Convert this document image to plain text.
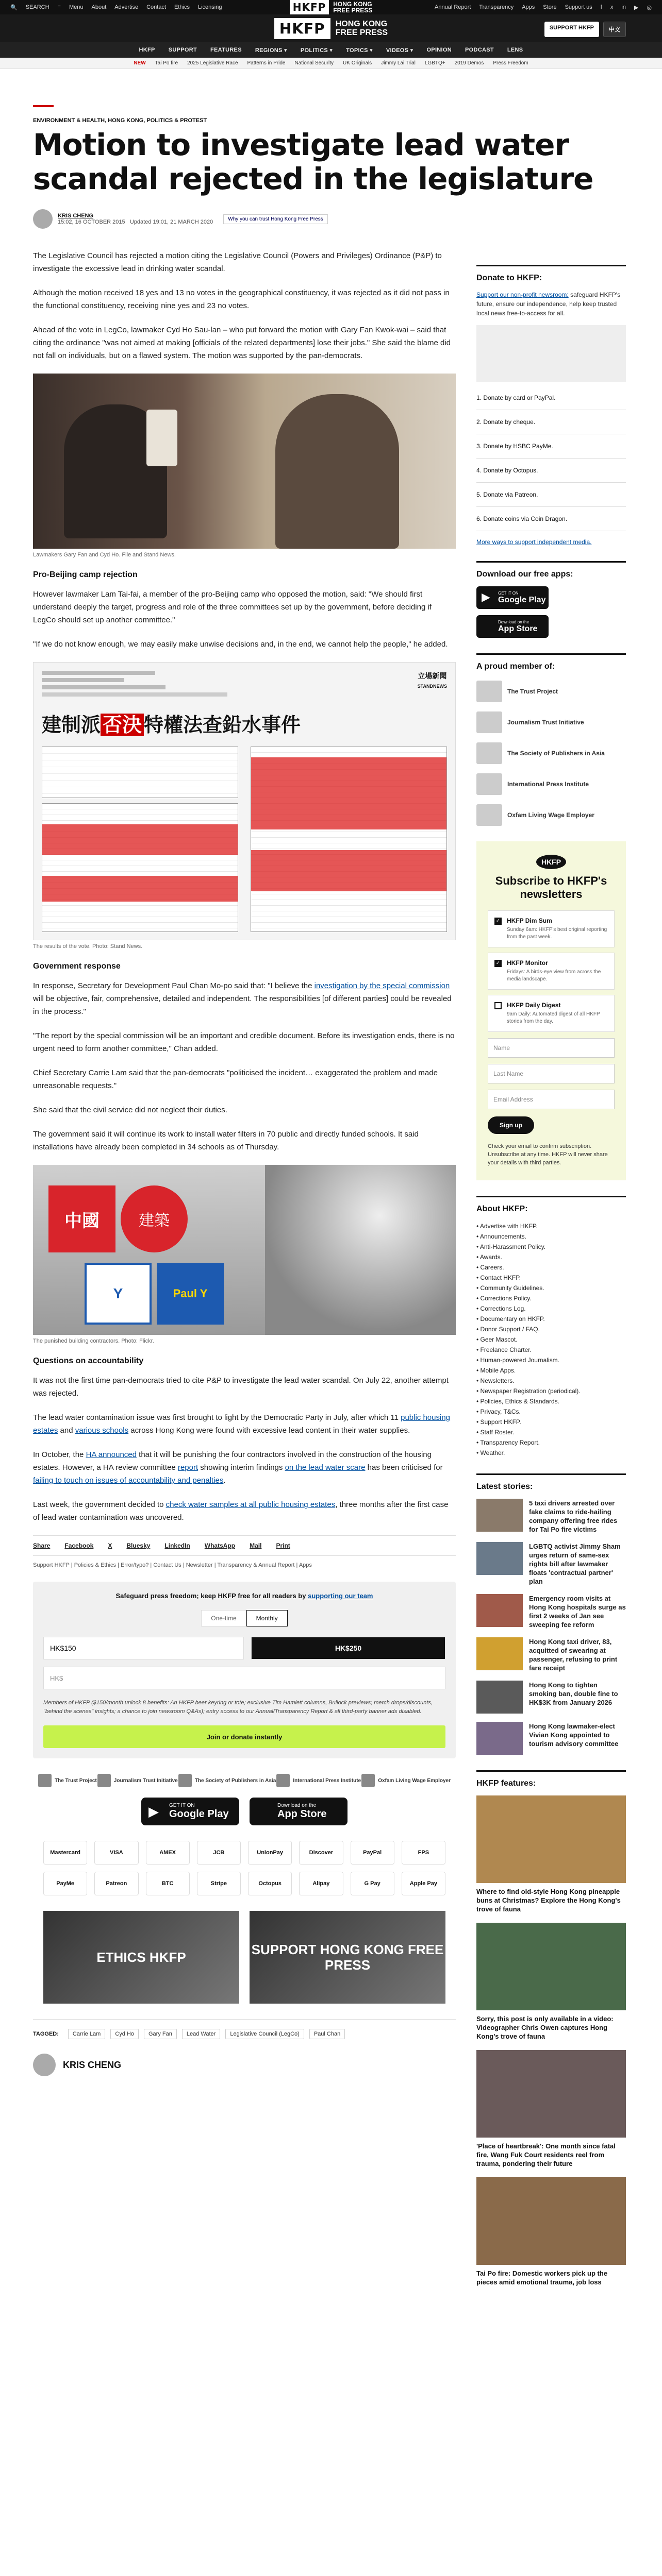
🔍 SEARCH ≡ Menu About Advertise Contact Ethics Licensing	HKFP	HONG KONG
FREE PRESS	Annual Report Transparency Apps Store Support us f x in ▶ ◎
HKFP	HONG KONG
FREE PRESS
SUPPORT HKFP	中文
HKFP SUPPORT FEATURES REGIONS ▾ POLITICS ▾ TOPICS ▾ VIDEOS ▾ OPINION PODCAST LENS
NEW Tai Po fire 2025 Legislative Race Patterns in Pride National Security UK Originals Jimmy Lai Trial LGBTQ+ 2019 Demos Press Freedom
ENVIRONMENT & HEALTH, HONG KONG, POLITICS & PROTEST
Motion to investigate lead water scandal rejected in the legislature
KRIS CHENG
15:02, 16 OCTOBER 2015 Updated 19:01, 21 MARCH 2020	Why you can trust Hong Kong Free Press

The Legislative Council has rejected a motion citing the Legislative Council (Powers and Privileges) Ordinance (P&P) to investigate the excessive lead in drinking water scandal.

Although the motion received 18 yes and 13 no votes in the geographical constituency, it was rejected as it did not pass in the functional constituency, receiving nine yes and 23 no votes.

Ahead of the vote in LegCo, lawmaker Cyd Ho Sau-lan – who put forward the motion with Gary Fan Kwok-wai – said that citing the ordinance "was not aimed at making [officials of the related departments] lose their jobs." She said the blame did not fall on individuals, but on a flawed system. The motion was supported by the pan-democrats.

Lawmakers Gary Fan and Cyd Ho. File and Stand News.
Pro-Beijing camp rejection

However lawmaker Lam Tai-fai, a member of the pro-Beijing camp who opposed the motion, said: "We should first understand deeply the target, progress and role of the three committees set up by the government, before deciding if LegCo should set up another committee."

"If we do not know enough, we may easily make unwise decisions and, in the end, we cannot help the people," he added.

立場新聞
STANDNEWS
建制派 否決 特權法查鉛水事件
The results of the vote. Photo: Stand News.
Government response

In response, Secretary for Development Paul Chan Mo-po said that: "I believe the investigation by the special commission will be objective, fair, comprehensive, detailed and independent. The responsibilities [of different parties] could be revealed in the process."

"The report by the special commission will be an important and credible document. Before its investigation ends, there is no urgent need to form another committee," Chan added.

Chief Secretary Carrie Lam said that the pan-democrats "politicised the incident… exaggerated the problem and made unreasonable requests."

She said that the civil service did not neglect their duties.

The government said it will continue its work to install water filters in 70 public and directly funded schools. It said installations have already been completed in 34 schools as of Thursday.

中國	建築
Y	Paul Y
The punished building contractors. Photo: Flickr.
Questions on accountability

It was not the first time pan-democrats tried to cite P&P to investigate the lead water scandal. On July 22, another attempt was rejected.

The lead water contamination issue was first brought to light by the Democratic Party in July, after which 11 public housing estates and various schools across Hong Kong were found with excessive lead content in their water supplies.

In October, the HA announced that it will be punishing the four contractors involved in the construction of the housing estates. However, a HA review committee report showing interim findings on the lead water scare has been criticised for failing to touch on issues of accountability and penalties.

Last week, the government decided to check water samples at all public housing estates, three months after the first case of lead water contamination was uncovered.

Share Facebook X Bluesky LinkedIn WhatsApp Mail Print
Support HKFP | Policies & Ethics | Error/typo? | Contact Us | Newsletter | Transparency & Annual Report | Apps
Safeguard press freedom; keep HKFP free for all readers by supporting our team
One-time	Monthly
HK$150	HK$250
HK$
Members of HKFP ($150/month unlock 8 benefits: An HKFP beer keyring or tote; exclusive Tim Hamlett columns, Bullock previews; merch drops/discounts, "behind the scenes" insights; a chance to join newsroom Q&As); entry access to our Annual/Transparency Report & all third-party banner ads disabled.
Join or donate instantly
The Trust Project	Journalism Trust Initiative	The Society of Publishers in Asia	International Press Institute	Oxfam Living Wage Employer
▶	GET IT ON
Google Play
Download on the
App Store
Mastercard	VISA	AMEX	JCB	UnionPay	Discover	PayPal	FPS
PayMe	Patreon	BTC	Stripe	Octopus	Alipay	G Pay	Apple Pay
ETHICS HKFP	SUPPORT HONG KONG FREE PRESS
TAGGED:	Carrie Lam	Cyd Ho	Gary Fan	Lead Water	Legislative Council (LegCo)	Paul Chan
KRIS CHENG
Donate to HKFP:

Support our non-profit newsroom: safeguard HKFP's future, ensure our independence, help keep trusted local news free-to-access for all.

1. Donate by card or PayPal.
2. Donate by cheque.
3. Donate by HSBC PayMe.
4. Donate by Octopus.
5. Donate via Patreon.
6. Donate coins via Coin Dragon.
More ways to support independent media.
Download our free apps:
▶ GET IT ON
Google Play
Download on the
App Store
A proud member of:
The Trust Project
Journalism Trust Initiative
The Society of Publishers in Asia
International Press Institute
Oxfam Living Wage Employer
HKFP
Subscribe to HKFP's newsletters
✓ HKFP Dim Sum
Sunday 6am: HKFP's best original reporting from the past week.
✓ HKFP Monitor
Fridays: A birds-eye view from across the media landscape.
HKFP Daily Digest
9am Daily: Automated digest of all HKFP stories from the day.
Name
Last Name
Email Address
Sign up
Check your email to confirm subscription. Unsubscribe at any time. HKFP will never share your details with third parties.
About HKFP:
• Advertise with HKFP.
• Announcements.
• Anti-Harassment Policy.
• Awards.
• Careers.
• Contact HKFP.
• Community Guidelines.
• Corrections Policy.
• Corrections Log.
• Documentary on HKFP.
• Donor Support / FAQ.
• Geer Mascot.
• Freelance Charter.
• Human-powered Journalism.
• Mobile Apps.
• Newsletters.
• Newspaper Registration (periodical).
• Policies, Ethics & Standards.
• Privacy, T&Cs.
• Support HKFP.
• Staff Roster.
• Transparency Report.
• Weather.
Latest stories:
5 taxi drivers arrested over fake claims to ride-hailing company offering free rides for Tai Po fire victims
LGBTQ activist Jimmy Sham urges return of same-sex rights bill after lawmaker floats 'contractual partner' plan
Emergency room visits at Hong Kong hospitals surge as first 2 weeks of Jan see sweeping fee reform
Hong Kong taxi driver, 83, acquitted of swearing at passenger, refusing to print fare receipt
Hong Kong to tighten smoking ban, double fine to HK$3K from January 2026
Hong Kong lawmaker-elect Vivian Kong appointed to tourism advisory committee
HKFP features:
Where to find old-style Hong Kong pineapple buns at Christmas? Explore the Hong Kong's trove of fauna
Sorry, this post is only available in a video: Videographer Chris Owen captures Hong Kong's trove of fauna
'Place of heartbreak': One month since fatal fire, Wang Fuk Court residents reel from trauma, pondering their future
Tai Po fire: Domestic workers pick up the pieces amid emotional trauma, job loss
